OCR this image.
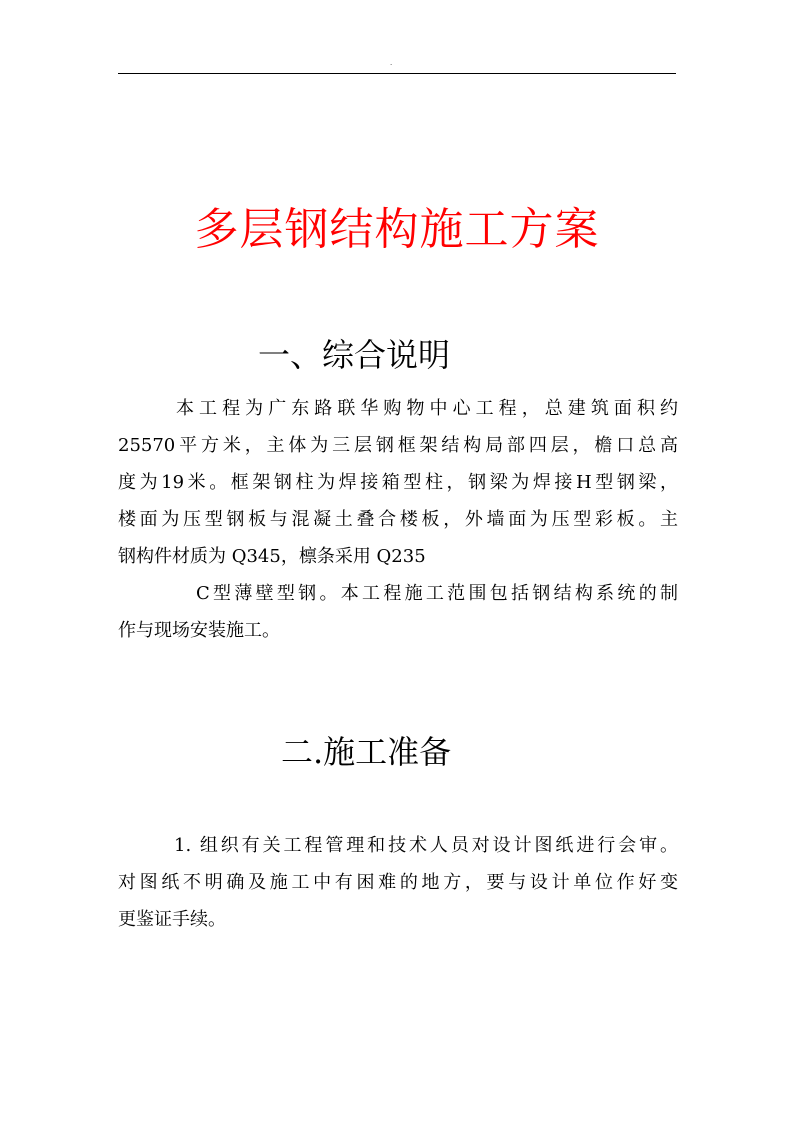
.
多层钢结构施工方案
一、综合说明
本工程为广东路联华购物中心工程，总建筑面积约
25570平方米，主体为三层钢框架结构局部四层，檐口总高
度为19米。框架钢柱为焊接箱型柱，钢梁为焊接H型钢梁，
楼面为压型钢板与混凝土叠合楼板，外墙面为压型彩板。主
钢构件材质为 Q345，檩条采用 Q235
C型薄壁型钢。本工程施工范围包括钢结构系统的制
作与现场安装施工。
二.施工准备
1. 组织有关工程管理和技术人员对设计图纸进行会审。
对图纸不明确及施工中有困难的地方，要与设计单位作好变
更鉴证手续。
